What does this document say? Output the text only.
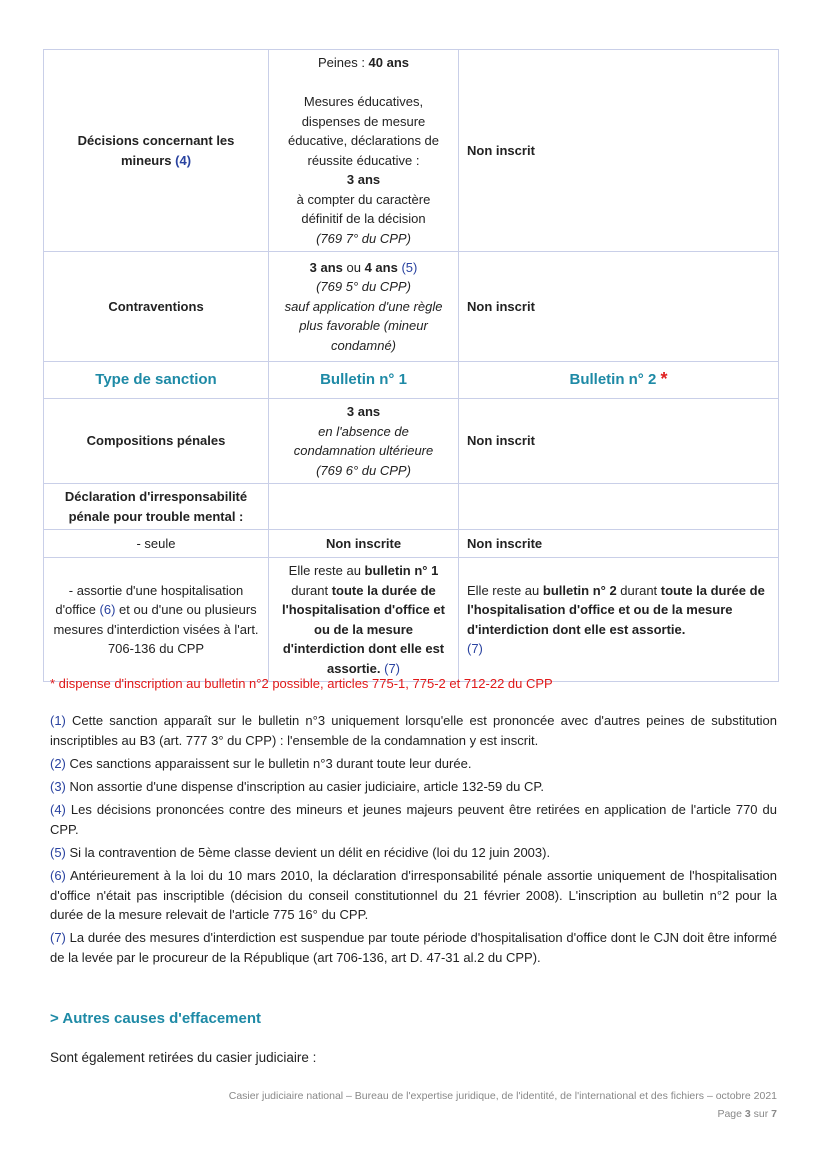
Décisions concernant les mineurs (4)	Peines : 40 ans

Mesures éducatives, dispenses de mesure éducative, déclarations de réussite éducative :
3 ans
à compter du caractère définitif de la décision
(769 7° du CPP)	Non inscrit
Contraventions	3 ans ou 4 ans (5)
(769 5° du CPP)
sauf application d'une règle plus favorable (mineur condamné)	Non inscrit
Type de sanction	Bulletin n° 1	Bulletin n° 2 *
Compositions pénales	3 ans
en l'absence de condamnation ultérieure
(769 6° du CPP)	Non inscrit
Déclaration d'irresponsabilité pénale pour trouble mental :		
- seule	Non inscrite	Non inscrite
- assortie d'une hospitalisation d'office (6) et ou d'une ou plusieurs mesures d'interdiction visées à l'art. 706-136 du CPP	Elle reste au bulletin n° 1 durant toute la durée de l'hospitalisation d'office et ou de la mesure d'interdiction dont elle est assortie. (7)	Elle reste au bulletin n° 2 durant toute la durée de l'hospitalisation d'office et ou de la mesure d'interdiction dont elle est assortie.
(7)
* dispense d'inscription au bulletin n°2 possible, articles 775-1, 775-2 et 712-22 du CPP
(1) Cette sanction apparaît sur le bulletin n°3 uniquement lorsqu'elle est prononcée avec d'autres peines de substitution inscriptibles au B3 (art. 777 3° du CPP) : l'ensemble de la condamnation y est inscrit.
(2) Ces sanctions apparaissent sur le bulletin n°3 durant toute leur durée.
(3) Non assortie d'une dispense d'inscription au casier judiciaire, article 132-59 du CP.
(4) Les décisions prononcées contre des mineurs et jeunes majeurs peuvent être retirées en application de l'article 770 du CPP.
(5) Si la contravention de 5ème classe devient un délit en récidive (loi du 12 juin 2003).
(6) Antérieurement à la loi du 10 mars 2010, la déclaration d'irresponsabilité pénale assortie uniquement de l'hospitalisation d'office n'était pas inscriptible (décision du conseil constitutionnel du 21 février 2008). L'inscription au bulletin n°2 pour la durée de la mesure relevait de l'article 775 16° du CPP.
(7) La durée des mesures d'interdiction est suspendue par toute période d'hospitalisation d'office dont le CJN doit être informé de la levée par le procureur de la République (art 706-136, art D. 47-31 al.2 du CPP).
> Autres causes d'effacement
Sont également retirées du casier judiciaire :
Casier judiciaire national – Bureau de l'expertise juridique, de l'identité, de l'international et des fichiers – octobre 2021
Page 3 sur 7
